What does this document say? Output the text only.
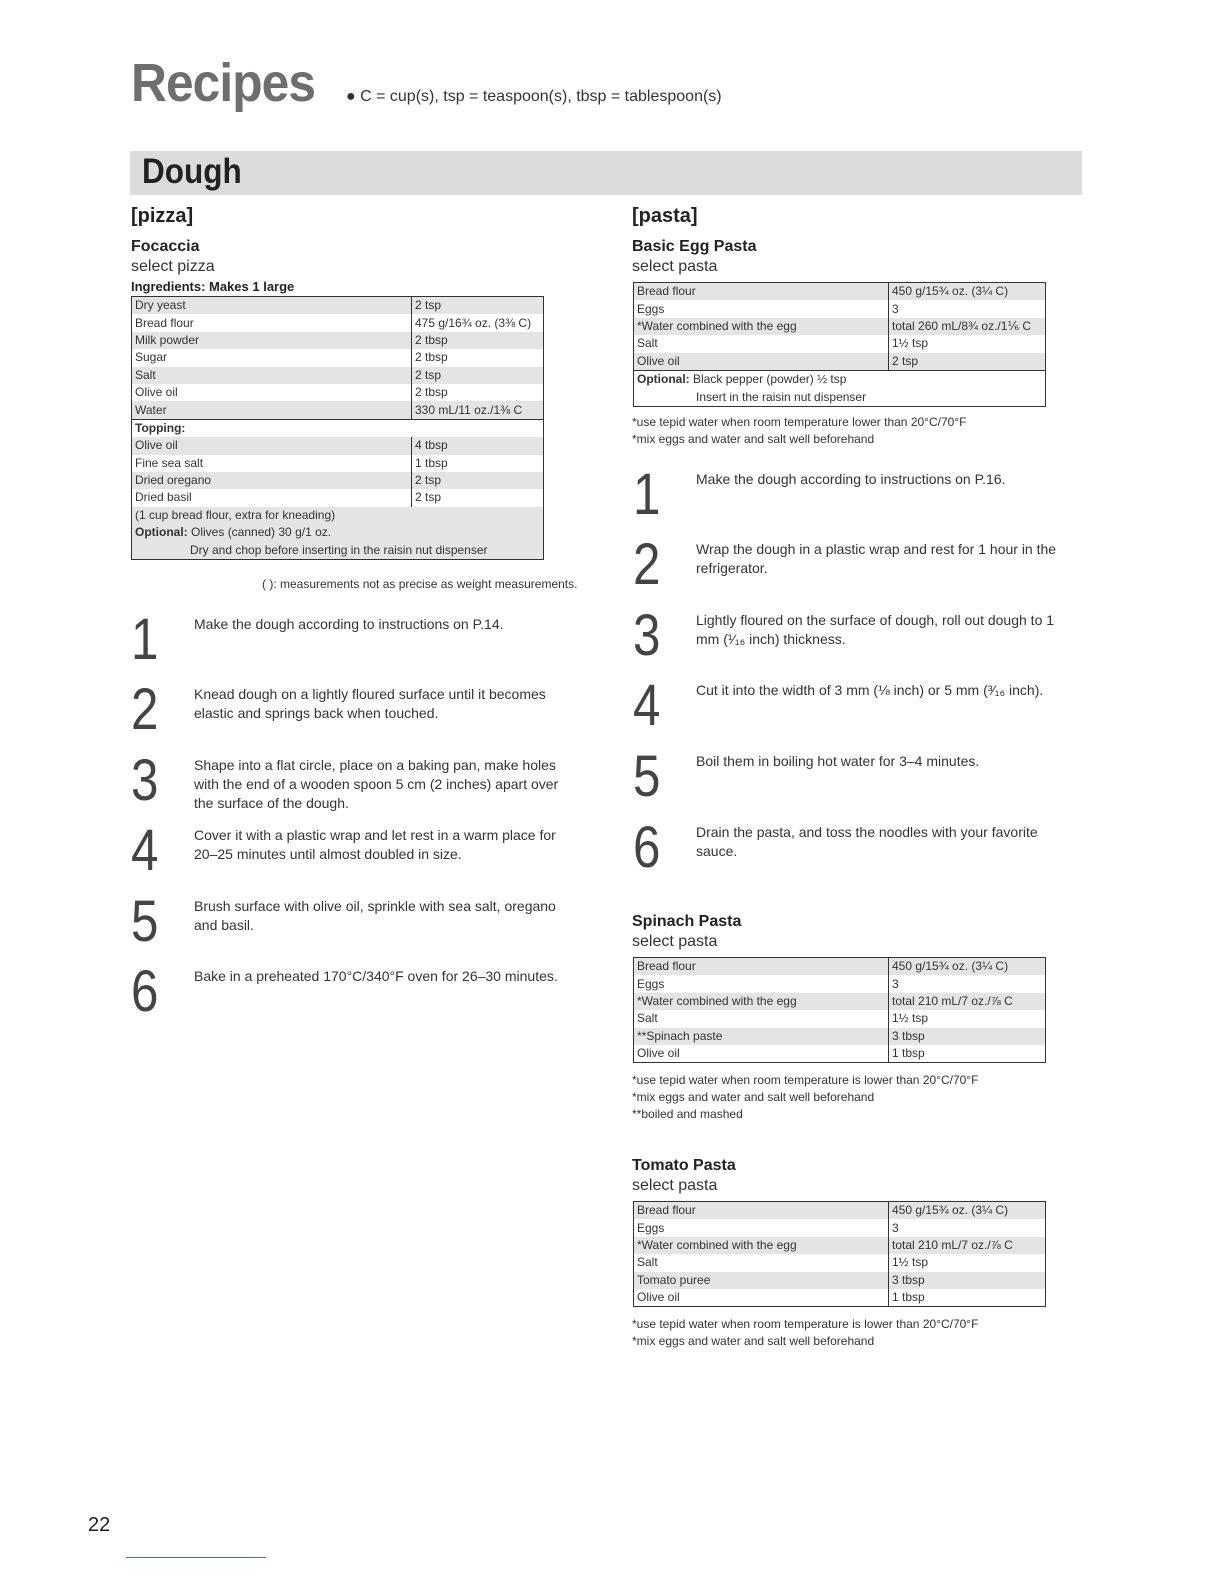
Recipes ● C = cup(s), tsp = teaspoon(s), tbsp = tablespoon(s)
Dough
[pizza]
Focaccia
select pizza
Ingredients: Makes 1 large
Dry yeast	2 tsp
Bread flour	475 g/16¾ oz. (3⅜ C)
Milk powder	2 tbsp
Sugar	2 tbsp
Salt	2 tsp
Olive oil	2 tbsp
Water	330 mL/11 oz./1⅜ C
Topping:	
Olive oil	4 tbsp
Fine sea salt	1 tbsp
Dried oregano	2 tsp
Dried basil	2 tsp
(1 cup bread flour, extra for kneading)	
Optional: Olives (canned) 30 g/1 oz.	
Dry and chop before inserting in the raisin nut dispenser	
( ): measurements not as precise as weight measurements.
1	Make the dough according to instructions on P.14.
2	Knead dough on a lightly floured surface until it becomes elastic and springs back when touched.
3	Shape into a flat circle, place on a baking pan, make holes with the end of a wooden spoon 5 cm (2 inches) apart over the surface of the dough.
4	Cover it with a plastic wrap and let rest in a warm place for 20–25 minutes until almost doubled in size.
5	Brush surface with olive oil, sprinkle with sea salt, oregano and basil.
6	Bake in a preheated 170°C/340°F oven for 26–30 minutes.
[pasta]
Basic Egg Pasta
select pasta
Bread flour	450 g/15¾ oz. (3¼ C)
Eggs	3
*Water combined with the egg	total 260 mL/8¾ oz./1⅙ C
Salt	1½ tsp
Olive oil	2 tsp
Optional: Black pepper (powder) ½ tsp	
Insert in the raisin nut dispenser	
*use tepid water when room temperature lower than 20°C/70°F
*mix eggs and water and salt well beforehand
1	Make the dough according to instructions on P.16.
2	Wrap the dough in a plastic wrap and rest for 1 hour in the refrigerator.
3	Lightly floured on the surface of dough, roll out dough to 1 mm (¹⁄₁₆ inch) thickness.
4	Cut it into the width of 3 mm (⅛ inch) or 5 mm (³⁄₁₆ inch).
5	Boil them in boiling hot water for 3–4 minutes.
6	Drain the pasta, and toss the noodles with your favorite sauce.
Spinach Pasta
select pasta
Bread flour	450 g/15¾ oz. (3¼ C)
Eggs	3
*Water combined with the egg	total 210 mL/7 oz./⅞ C
Salt	1½ tsp
**Spinach paste	3 tbsp
Olive oil	1 tbsp
*use tepid water when room temperature is lower than 20°C/70°F
*mix eggs and water and salt well beforehand
**boiled and mashed
Tomato Pasta
select pasta
Bread flour	450 g/15¾ oz. (3¼ C)
Eggs	3
*Water combined with the egg	total 210 mL/7 oz./⅞ C
Salt	1½ tsp
Tomato puree	3 tbsp
Olive oil	1 tbsp
*use tepid water when room temperature is lower than 20°C/70°F
*mix eggs and water and salt well beforehand
22
